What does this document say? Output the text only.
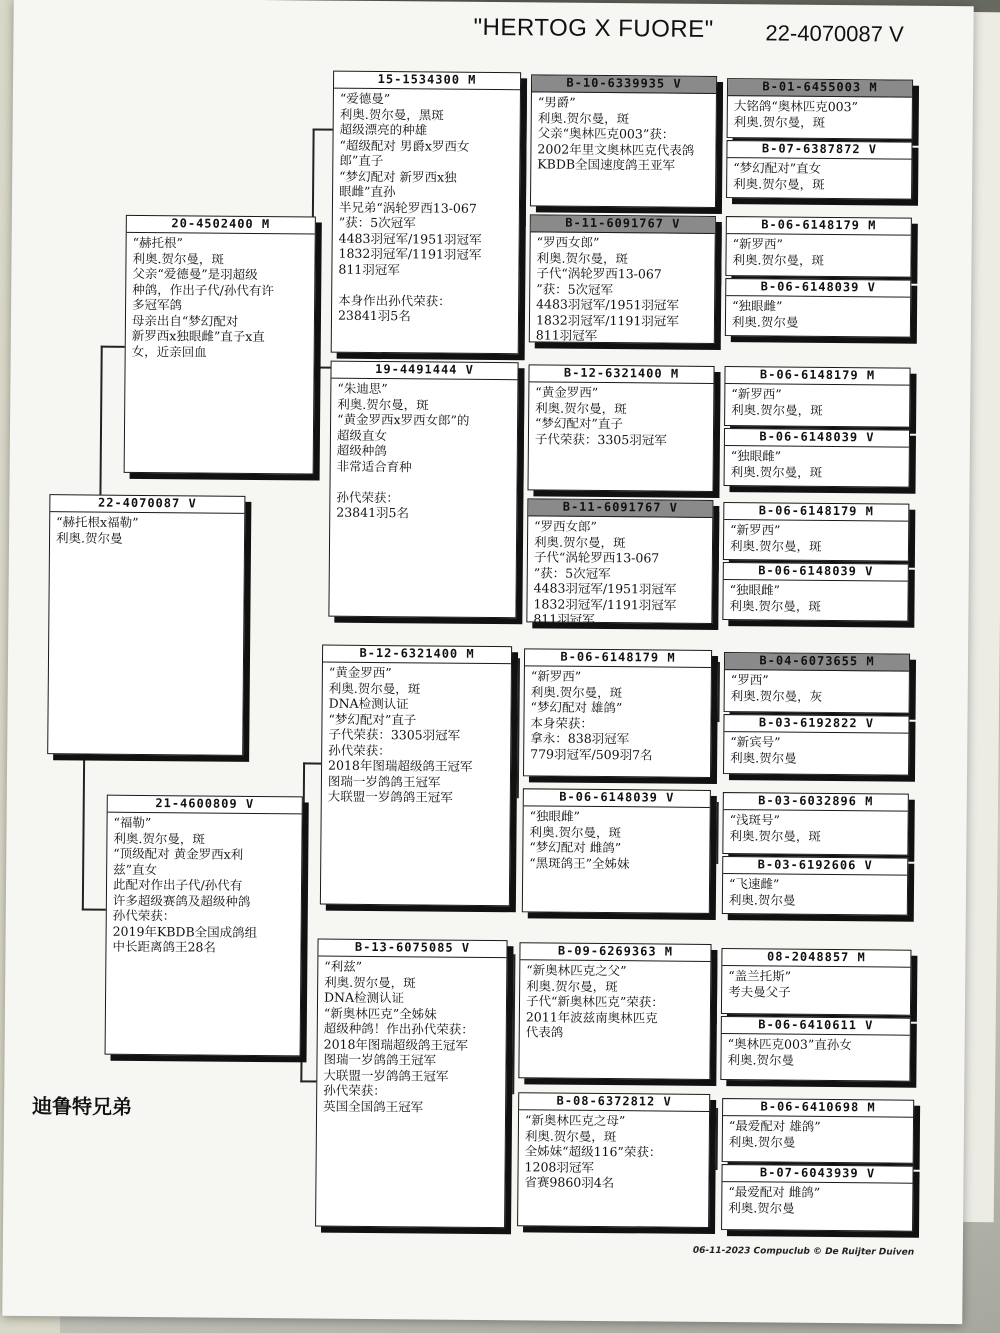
"HERTOG X FUORE" 22-4070087 V
22-4070087 V
“赫托根x福勒”
利奥.贺尔曼
20-4502400 M
“赫托根”
利奥.贺尔曼，斑
父亲“爱德曼”是羽超级
种鸽，作出子代/孙代有许
多冠军鸽
母亲出自“梦幻配对
新罗西x独眼雌”直子x直
女，近亲回血
21-4600809 V
“福勒”
利奥.贺尔曼，斑
“顶级配对 黄金罗西x利
兹”直女
此配对作出子代/孙代有
许多超级赛鸽及超级种鸽
孙代荣获：
2019年KBDB全国成鸽组
中长距离鸽王28名
15-1534300 M
“爱德曼”
利奥.贺尔曼，黑斑
超级漂亮的种雄
“超级配对 男爵x罗西女
郎”直子
“梦幻配对 新罗西x独
眼雌”直孙
半兄弟“涡轮罗西13-067
”获：5次冠军
4483羽冠军/1951羽冠军
1832羽冠军/1191羽冠军
811羽冠军

本身作出孙代荣获：
23841羽5名
19-4491444 V
“朱迪思”
利奥.贺尔曼，斑
“黄金罗西x罗西女郎”的
超级直女
超级种鸽
非常适合育种

孙代荣获：
23841羽5名
B-12-6321400 M
“黄金罗西”
利奥.贺尔曼，斑
DNA检测认证
“梦幻配对”直子
子代荣获：3305羽冠军
孙代荣获：
2018年图瑞超级鸽王冠军
图瑞一岁鸽鸽王冠军
大联盟一岁鸽鸽王冠军
B-13-6075085 V
“利兹”
利奥.贺尔曼，斑
DNA检测认证
“新奥林匹克”全姊妹
超级种鸽！作出孙代荣获：
2018年图瑞超级鸽王冠军
图瑞一岁鸽鸽王冠军
大联盟一岁鸽鸽王冠军
孙代荣获：
英国全国鸽王冠军
B-10-6339935 V
“男爵”
利奥.贺尔曼，斑
父亲“奥林匹克003”获：
2002年里文奥林匹克代表鸽
KBDB全国速度鸽王亚军
B-11-6091767 V
“罗西女郎”
利奥.贺尔曼，斑
子代“涡轮罗西13-067
”获：5次冠军
4483羽冠军/1951羽冠军
1832羽冠军/1191羽冠军
811羽冠军
B-12-6321400 M
“黄金罗西”
利奥.贺尔曼，斑
“梦幻配对”直子
子代荣获：3305羽冠军
B-11-6091767 V
“罗西女郎”
利奥.贺尔曼，斑
子代“涡轮罗西13-067
”获：5次冠军
4483羽冠军/1951羽冠军
1832羽冠军/1191羽冠军
811羽冠军
B-06-6148179 M
“新罗西”
利奥.贺尔曼，斑
“梦幻配对 雄鸽”
本身荣获：
拿永：838羽冠军
779羽冠军/509羽7名
B-06-6148039 V
“独眼雌”
利奥.贺尔曼，斑
“梦幻配对 雌鸽”
“黑斑鸽王”全姊妹
B-09-6269363 M
“新奥林匹克之父”
利奥.贺尔曼，斑
子代“新奥林匹克”荣获：
2011年波兹南奥林匹克
代表鸽
B-08-6372812 V
“新奥林匹克之母”
利奥.贺尔曼，斑
全姊妹“超级116”荣获：
1208羽冠军
省赛9860羽4名
B-01-6455003 M
大铭鸽“奥林匹克003”
利奥.贺尔曼，斑
B-07-6387872 V
“梦幻配对”直女
利奥.贺尔曼，斑
B-06-6148179 M
“新罗西”
利奥.贺尔曼，斑
B-06-6148039 V
“独眼雌”
利奥.贺尔曼
B-06-6148179 M
“新罗西”
利奥.贺尔曼，斑
B-06-6148039 V
“独眼雌”
利奥.贺尔曼，斑
B-06-6148179 M
“新罗西”
利奥.贺尔曼，斑
B-06-6148039 V
“独眼雌”
利奥.贺尔曼，斑
B-04-6073655 M
“罗西”
利奥.贺尔曼，灰
B-03-6192822 V
“新宾号”
利奥.贺尔曼
B-03-6032896 M
“浅斑号”
利奥.贺尔曼，斑
B-03-6192606 V
“飞速雌”
利奥.贺尔曼
08-2048857 M
“盖兰托斯”
考夫曼父子
B-06-6410611 V
“奥林匹克003”直孙女
利奥.贺尔曼
B-06-6410698 M
“最爱配对 雄鸽”
利奥.贺尔曼
B-07-6043939 V
“最爱配对 雌鸽”
利奥.贺尔曼
迪鲁特兄弟
06-11-2023 Compuclub © De Ruijter Duiven
